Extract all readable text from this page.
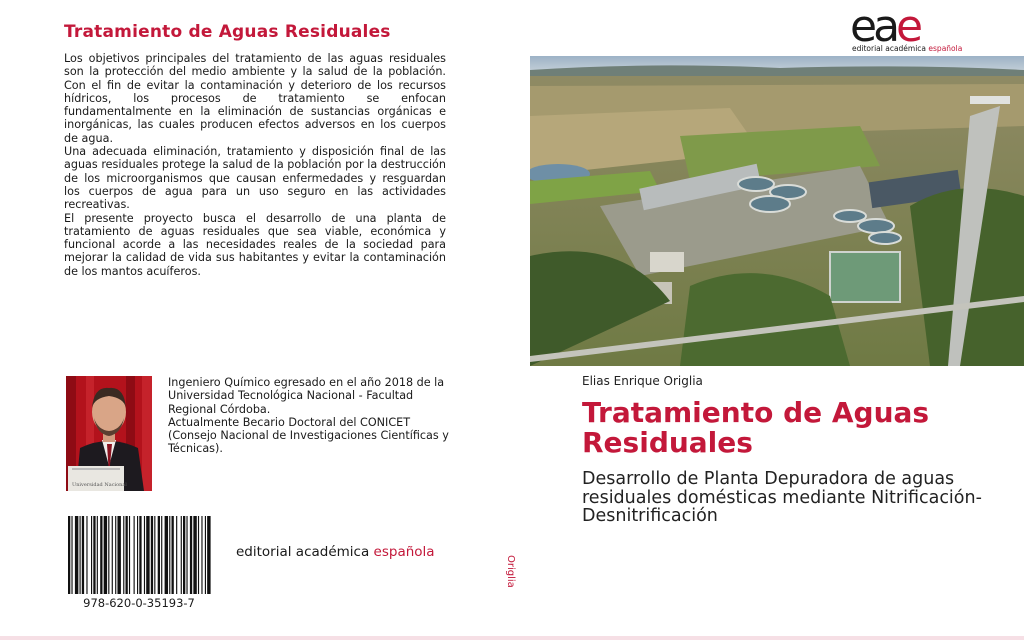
Tratamiento de Aguas Residuales

Los objetivos principales del tratamiento de las aguas residuales son la protección del medio ambiente y la salud de la población. Con el fin de evitar la contaminación y deterioro de los recursos hídricos, los procesos de tratamiento se enfocan fundamentalmente en la eliminación de sustancias orgánicas e inorgánicas, las cuales producen efectos adversos en los cuerpos de agua.

Una adecuada eliminación, tratamiento y disposición final de las aguas residuales protege la salud de la población por la destrucción de los microorganismos que causan enfermedades y resguardan los cuerpos de agua para un uso seguro en las actividades recreativas.

El presente proyecto busca el desarrollo de una planta de tratamiento de aguas residuales que sea viable, económica y funcional acorde a las necesidades reales de la sociedad para mejorar la calidad de vida sus habitantes y evitar la contaminación de los mantos acuíferos.

Universidad Nacional

Ingeniero Químico egresado en el año 2018 de la Universidad Tecnológica Nacional - Facultad Regional Córdoba.

Actualmente Becario Doctoral del CONICET (Consejo Nacional de Investigaciones Científicas y Técnicas).

978-620-0-35193-7
editorial académica española
Origlia
eae
editorial académica española
Elias Enrique Origlia
Tratamiento de Aguas Residuales
Desarrollo de Planta Depuradora de aguas residuales domésticas mediante Nitrificación-Desnitrificación
